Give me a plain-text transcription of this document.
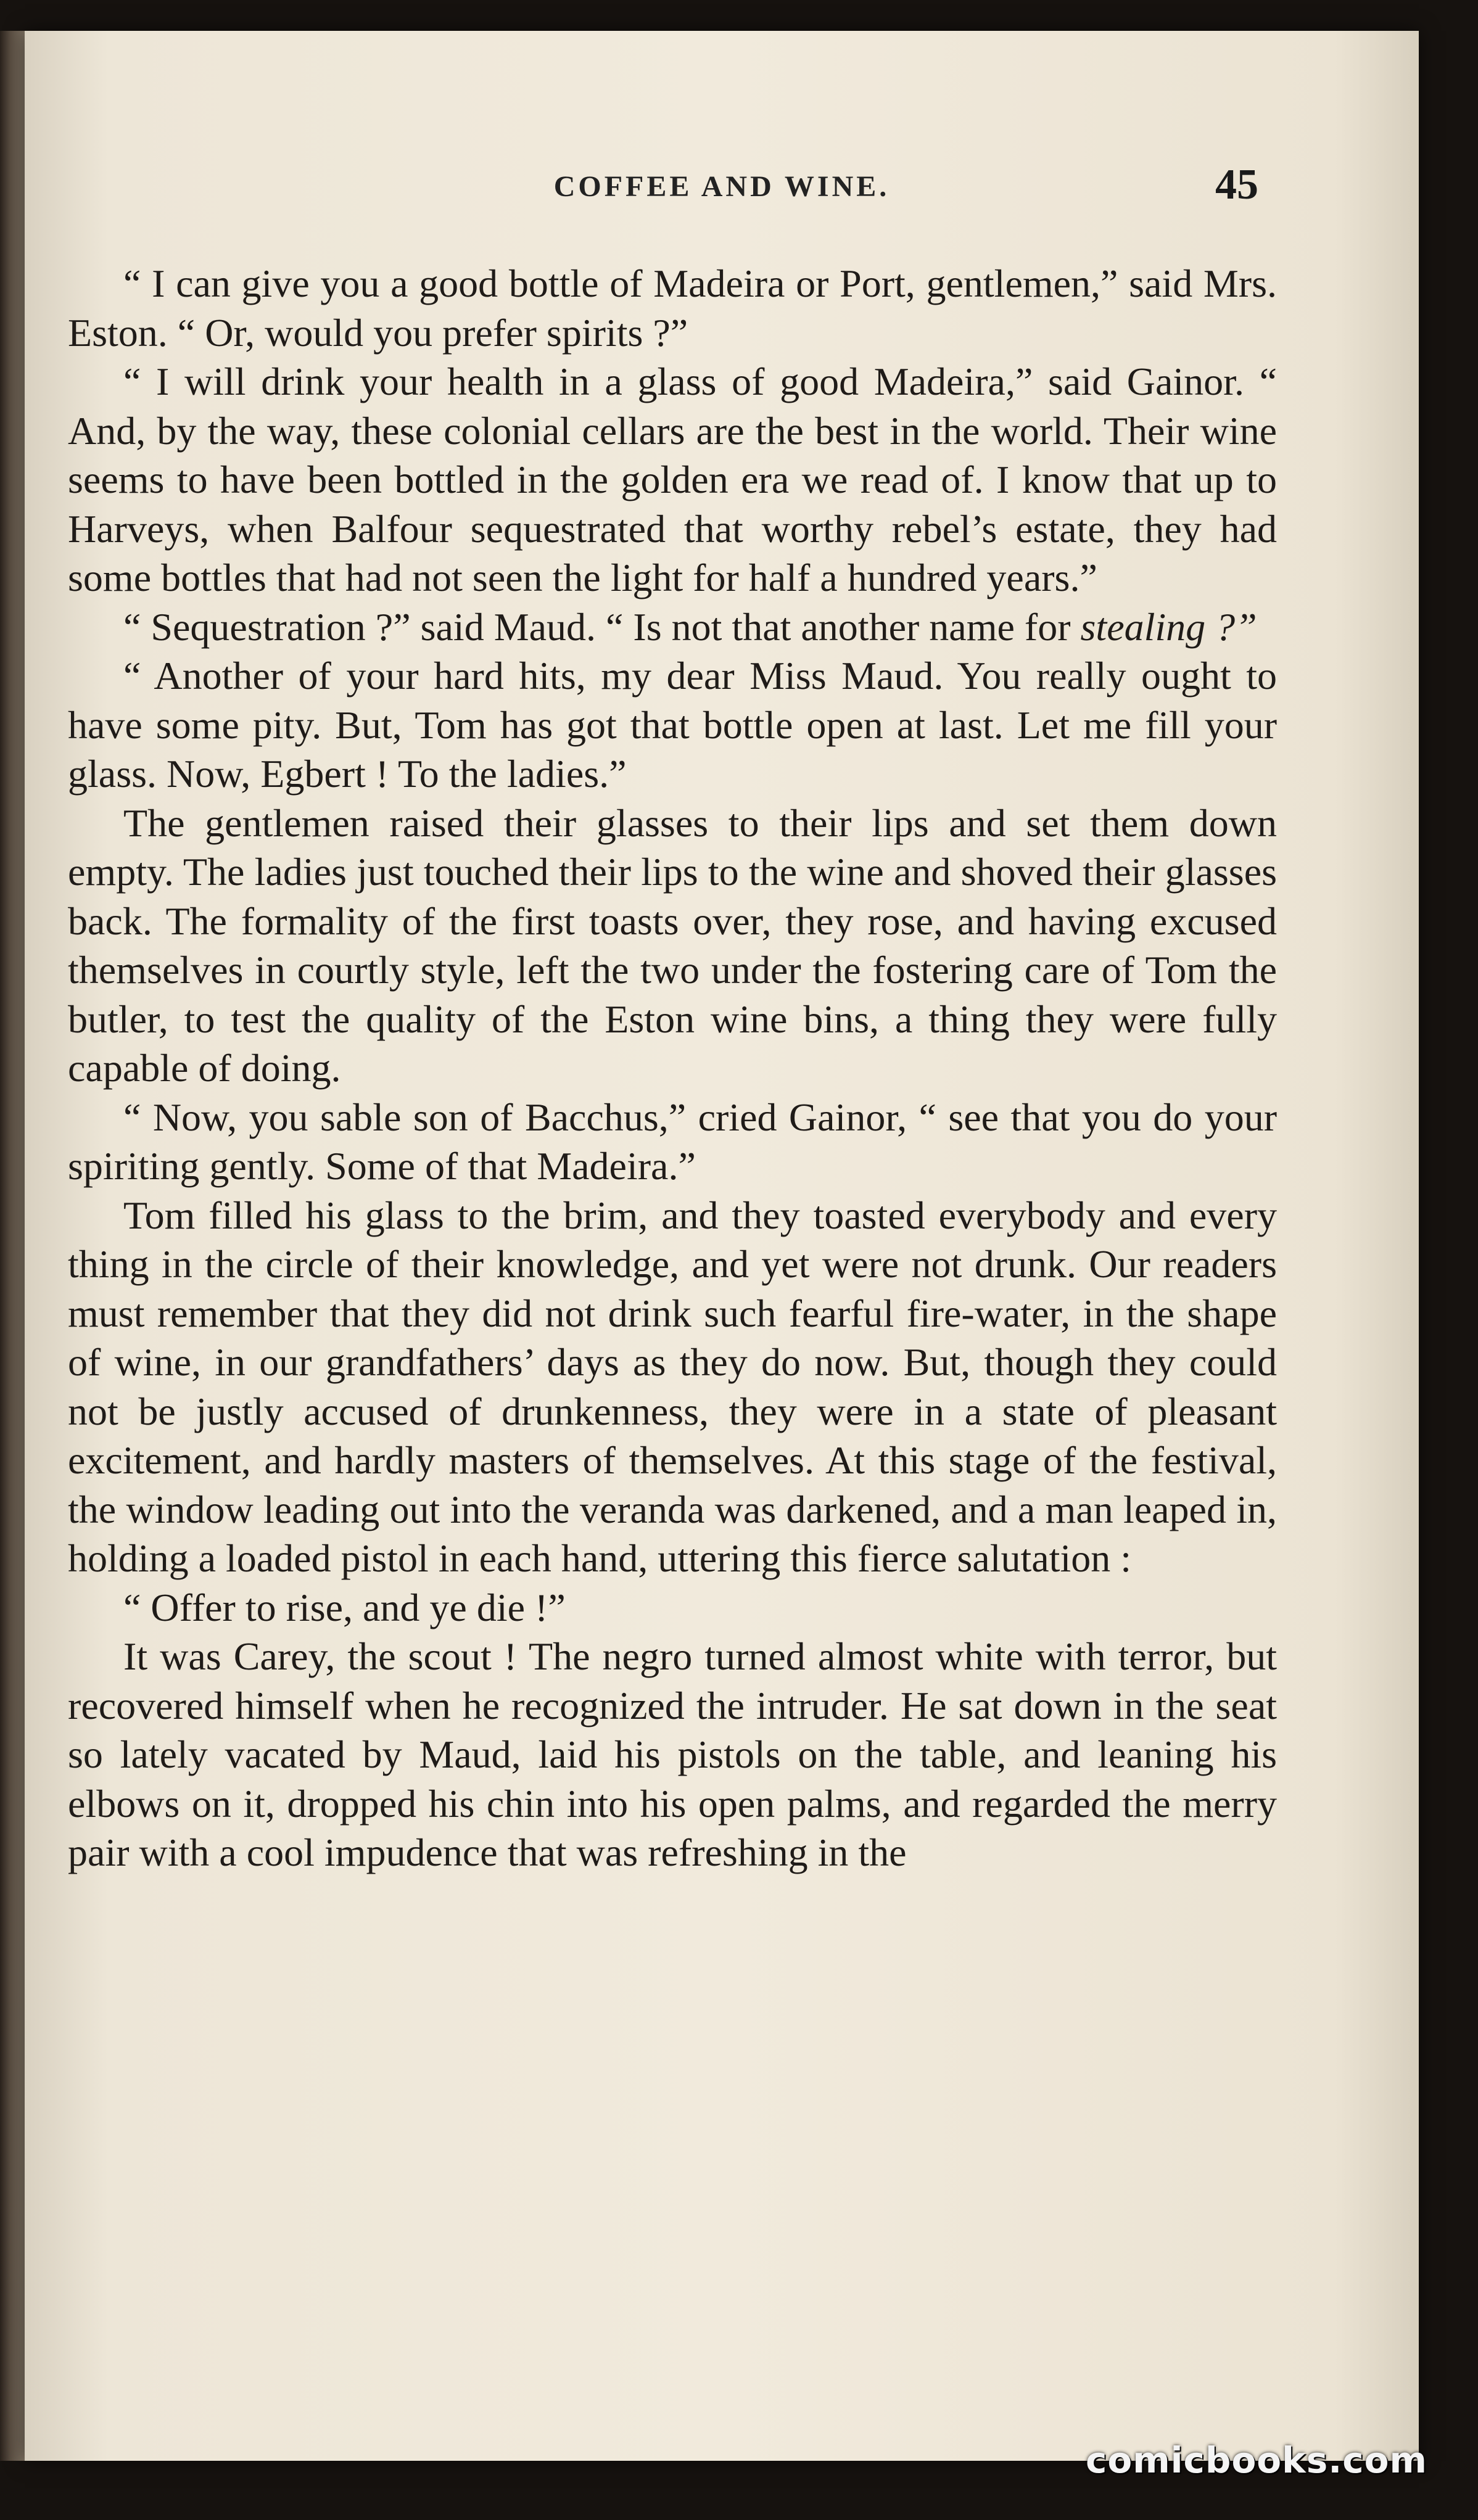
COFFEE AND WINE.	45

“ I can give you a good bottle of Madeira or Port, gentlemen,” said Mrs. Eston. “ Or, would you prefer spirits ?”

“ I will drink your health in a glass of good Madeira,” said Gainor. “ And, by the way, these colonial cellars are the best in the world. Their wine seems to have been bottled in the golden era we read of. I know that up to Harveys, when Balfour sequestrated that worthy rebel’s estate, they had some bottles that had not seen the light for half a hundred years.”

“ Sequestration ?” said Maud. “ Is not that another name for stealing ?”

“ Another of your hard hits, my dear Miss Maud. You really ought to have some pity. But, Tom has got that bottle open at last. Let me fill your glass. Now, Egbert ! To the ladies.”

The gentlemen raised their glasses to their lips and set them down empty. The ladies just touched their lips to the wine and shoved their glasses back. The formality of the first toasts over, they rose, and having excused themselves in courtly style, left the two under the fostering care of Tom the butler, to test the quality of the Eston wine bins, a thing they were fully capable of doing.

“ Now, you sable son of Bacchus,” cried Gainor, “ see that you do your spiriting gently. Some of that Madeira.”

Tom filled his glass to the brim, and they toasted everybody and every thing in the circle of their knowledge, and yet were not drunk. Our readers must remember that they did not drink such fearful fire-water, in the shape of wine, in our grandfathers’ days as they do now. But, though they could not be justly accused of drunkenness, they were in a state of pleasant excitement, and hardly masters of themselves. At this stage of the festival, the window leading out into the veranda was darkened, and a man leaped in, holding a loaded pistol in each hand, uttering this fierce salutation :

“ Offer to rise, and ye die !”

It was Carey, the scout ! The negro turned almost white with terror, but recovered himself when he recognized the intruder. He sat down in the seat so lately vacated by Maud, laid his pistols on the table, and leaning his elbows on it, dropped his chin into his open palms, and regarded the merry pair with a cool impudence that was refreshing in the

comicbooks.com
